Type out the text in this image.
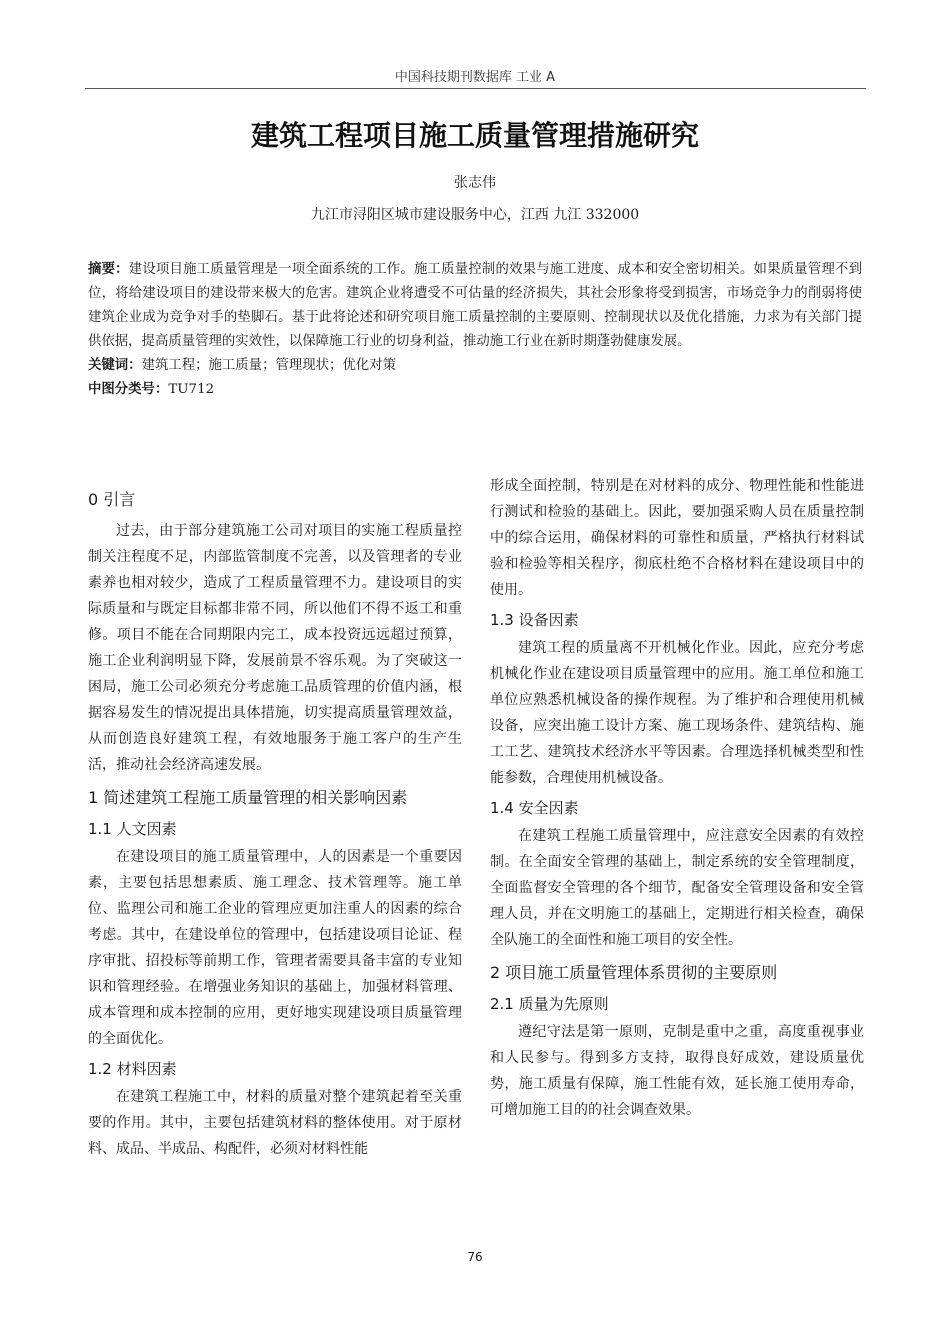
中国科技期刊数据库 工业 A
建筑工程项目施工质量管理措施研究
张志伟
九江市浔阳区城市建设服务中心，江西 九江 332000

摘要：建设项目施工质量管理是一项全面系统的工作。施工质量控制的效果与施工进度、成本和安全密切相关。如果质量管理不到位，将给建设项目的建设带来极大的危害。建筑企业将遭受不可估量的经济损失，其社会形象将受到损害，市场竞争力的削弱将使建筑企业成为竞争对手的垫脚石。基于此将论述和研究项目施工质量控制的主要原则、控制现状以及优化措施，力求为有关部门提供依据，提高质量管理的实效性，以保障施工行业的切身利益，推动施工行业在新时期蓬勃健康发展。

关键词：建筑工程；施工质量；管理现状；优化对策

中图分类号：TU712

0 引言

过去，由于部分建筑施工公司对项目的实施工程质量控制关注程度不足，内部监管制度不完善，以及管理者的专业素养也相对较少，造成了工程质量管理不力。建设项目的实际质量和与既定目标都非常不同，所以他们不得不返工和重修。项目不能在合同期限内完工，成本投资远远超过预算，施工企业利润明显下降，发展前景不容乐观。为了突破这一困局，施工公司必须充分考虑施工品质管理的价值内涵，根据容易发生的情况提出具体措施，切实提高质量管理效益，从而创造良好建筑工程，有效地服务于施工客户的生产生活，推动社会经济高速发展。

1 简述建筑工程施工质量管理的相关影响因素
1.1 人文因素

在建设项目的施工质量管理中，人的因素是一个重要因素，主要包括思想素质、施工理念、技术管理等。施工单位、监理公司和施工企业的管理应更加注重人的因素的综合考虑。其中，在建设单位的管理中，包括建设项目论证、程序审批、招投标等前期工作，管理者需要具备丰富的专业知识和管理经验。在增强业务知识的基础上，加强材料管理、成本管理和成本控制的应用，更好地实现建设项目质量管理的全面优化。

1.2 材料因素

在建筑工程施工中，材料的质量对整个建筑起着至关重要的作用。其中，主要包括建筑材料的整体使用。对于原材料、成品、半成品、构配件，必须对材料性能

形成全面控制，特别是在对材料的成分、物理性能和性能进行测试和检验的基础上。因此，要加强采购人员在质量控制中的综合运用，确保材料的可靠性和质量，严格执行材料试验和检验等相关程序，彻底杜绝不合格材料在建设项目中的使用。

1.3 设备因素

建筑工程的质量离不开机械化作业。因此，应充分考虑机械化作业在建设项目质量管理中的应用。施工单位和施工单位应熟悉机械设备的操作规程。为了维护和合理使用机械设备，应突出施工设计方案、施工现场条件、建筑结构、施工工艺、建筑技术经济水平等因素。合理选择机械类型和性能参数，合理使用机械设备。

1.4 安全因素

在建筑工程施工质量管理中，应注意安全因素的有效控制。在全面安全管理的基础上，制定系统的安全管理制度，全面监督安全管理的各个细节，配备安全管理设备和安全管理人员，并在文明施工的基础上，定期进行相关检查，确保全队施工的全面性和施工项目的安全性。

2 项目施工质量管理体系贯彻的主要原则
2.1 质量为先原则

遵纪守法是第一原则，克制是重中之重，高度重视事业和人民参与。得到多方支持，取得良好成效，建设质量优势，施工质量有保障，施工性能有效，延长施工使用寿命，可增加施工目的的社会调查效果。

76
